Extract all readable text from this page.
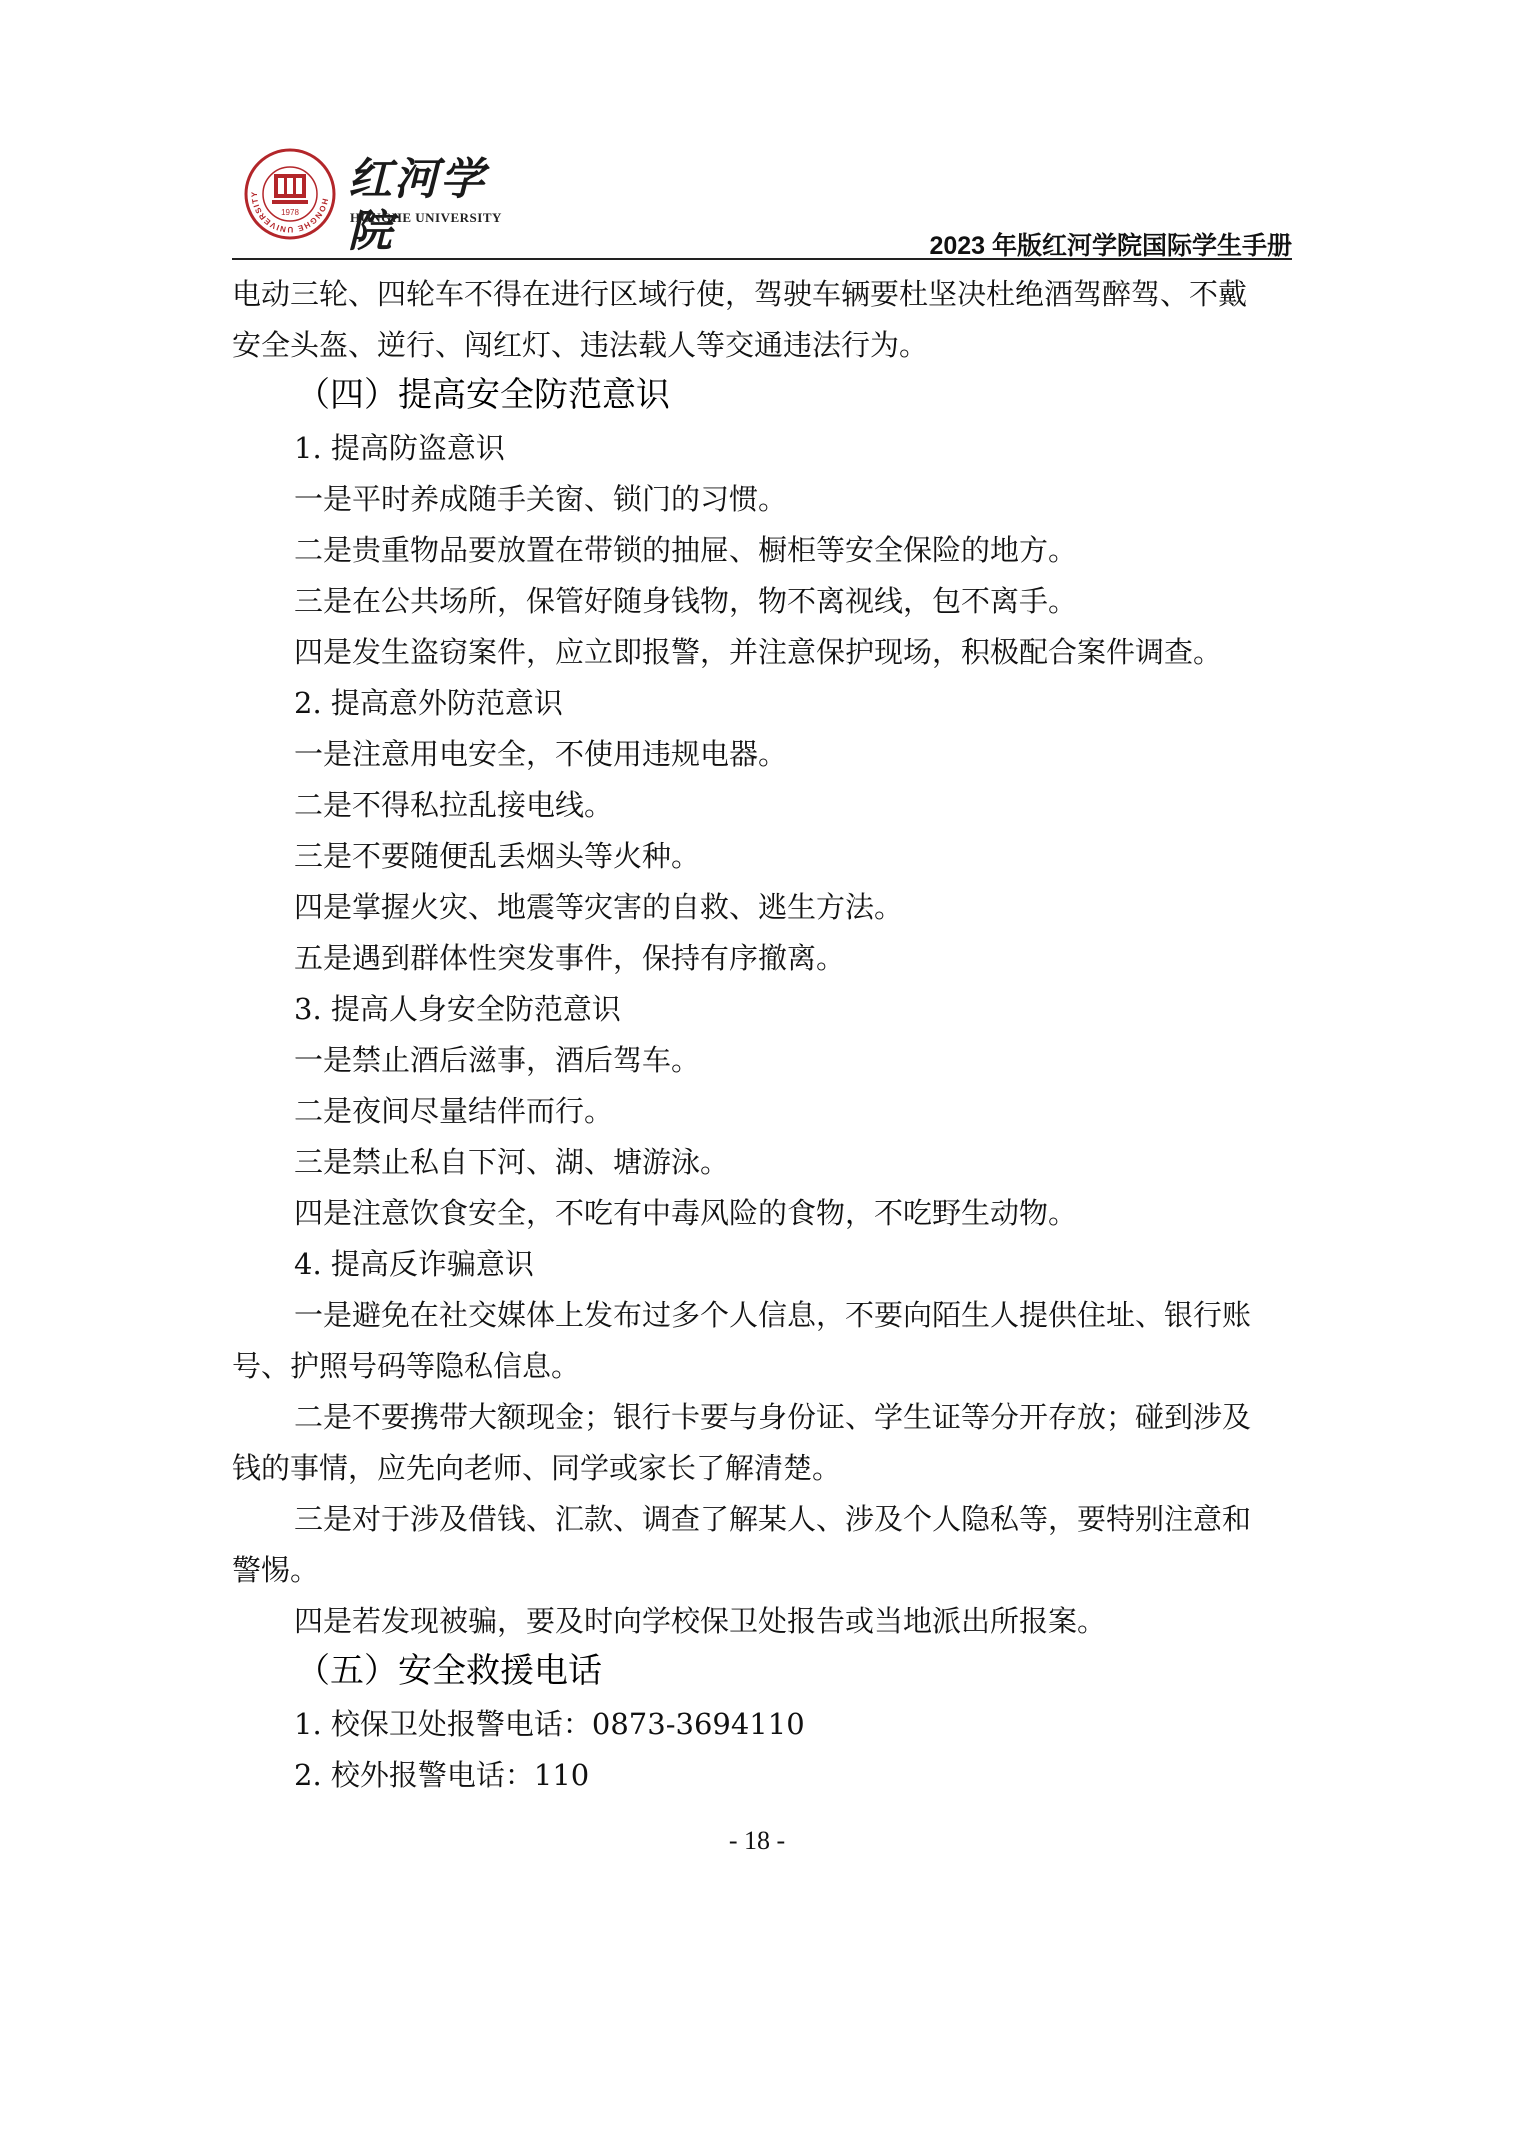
HONGHE UNIVERSITY
1978
红河学院
HONGHE UNIVERSITY
2023 年版红河学院国际学生手册
电动三轮、四轮车不得在进行区域行使，驾驶车辆要杜坚决杜绝酒驾醉驾、不戴
安全头盔、逆行、闯红灯、违法载人等交通违法行为。
（四）提高安全防范意识
1. 提高防盗意识
一是平时养成随手关窗、锁门的习惯。
二是贵重物品要放置在带锁的抽屉、橱柜等安全保险的地方。
三是在公共场所，保管好随身钱物，物不离视线，包不离手。
四是发生盗窃案件，应立即报警，并注意保护现场，积极配合案件调查。
2. 提高意外防范意识
一是注意用电安全，不使用违规电器。
二是不得私拉乱接电线。
三是不要随便乱丢烟头等火种。
四是掌握火灾、地震等灾害的自救、逃生方法。
五是遇到群体性突发事件，保持有序撤离。
3. 提高人身安全防范意识
一是禁止酒后滋事，酒后驾车。
二是夜间尽量结伴而行。
三是禁止私自下河、湖、塘游泳。
四是注意饮食安全，不吃有中毒风险的食物，不吃野生动物。
4. 提高反诈骗意识
一是避免在社交媒体上发布过多个人信息，不要向陌生人提供住址、银行账
号、护照号码等隐私信息。
二是不要携带大额现金；银行卡要与身份证、学生证等分开存放；碰到涉及
钱的事情，应先向老师、同学或家长了解清楚。
三是对于涉及借钱、汇款、调查了解某人、涉及个人隐私等，要特别注意和
警惕。
四是若发现被骗，要及时向学校保卫处报告或当地派出所报案。
（五）安全救援电话
1. 校保卫处报警电话：0873-3694110
2. 校外报警电话：110
- 18 -
